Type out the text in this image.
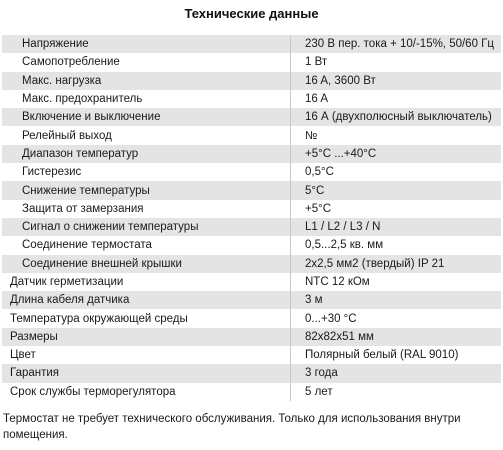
Технические данные
Напряжение	230 В пер. тока + 10/-15%, 50/60 Гц
Самопотребление	1 Вт
Макс. нагрузка	16 A, 3600 Вт
Макс. предохранитель	16 A
Включение и выключение	16 А (двухполюсный выключатель)
Релейный выход	№
Диапазон температур	+5°C ...+40°C
Гистерезис	0,5°C
Снижение температуры	5°C
Защита от замерзания	+5°C
Сигнал о снижении температуры	L1 / L2 / L3 / N
Соединение термостата	0,5...2,5 кв. мм
Соединение внешней крышки	2x2,5 мм2 (твердый) IP 21
Датчик герметизации	NTC 12 кОм
Длина кабеля датчика	3 м
Температура окружающей среды	0...+30 °C
Размеры	82x82x51 мм
Цвет	Полярный белый (RAL 9010)
Гарантия	3 года
Срок службы терморегулятора	5 лет
Термостат не требует технического обслуживания. Только для использования внутри помещения.
